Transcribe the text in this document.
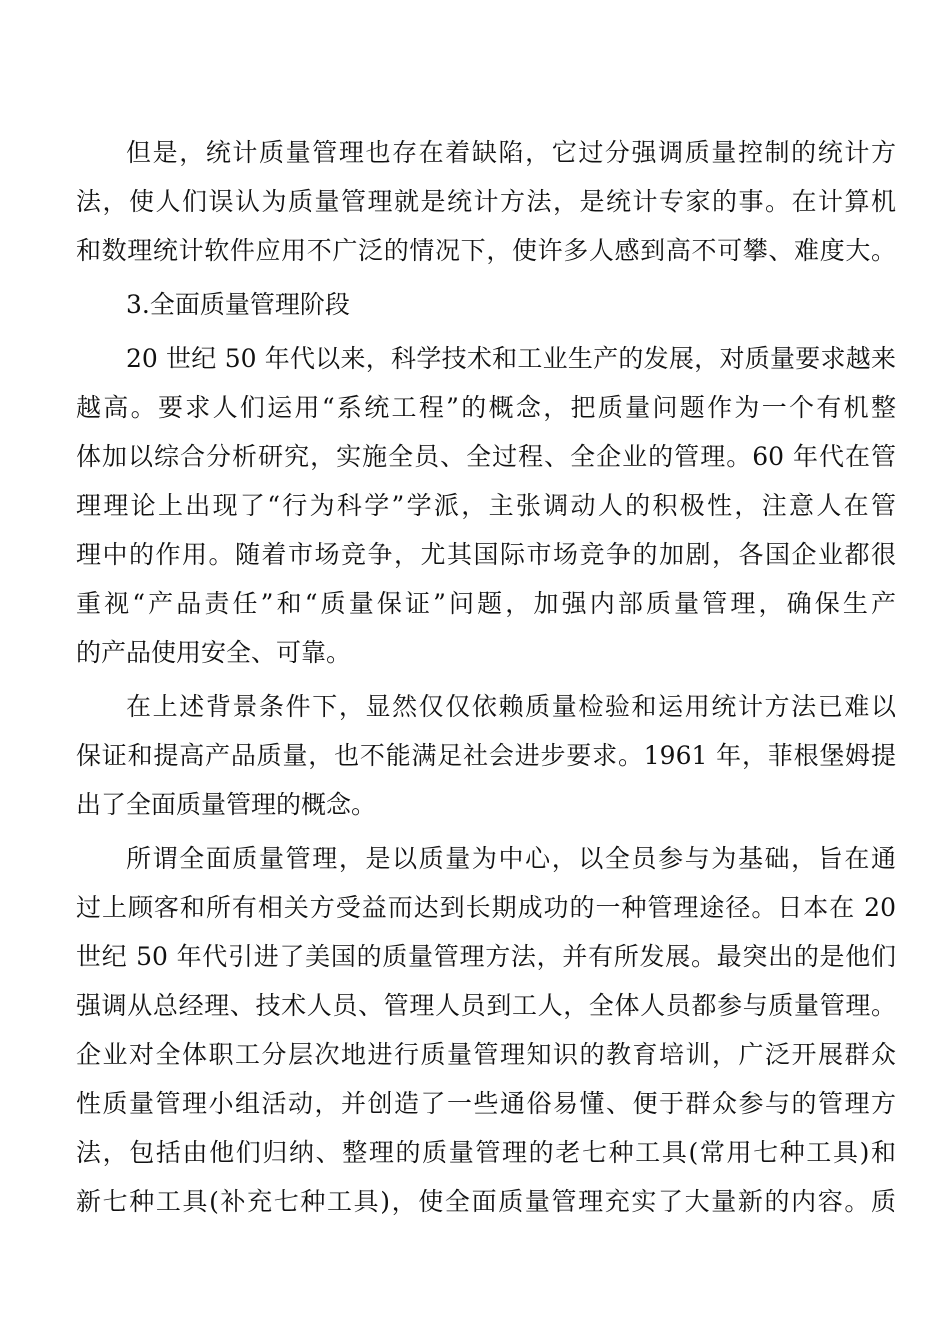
但是，统计质量管理也存在着缺陷，它过分强调质量控制的统计方
法，使人们误认为质量管理就是统计方法，是统计专家的事。在计算机
和数理统计软件应用不广泛的情况下，使许多人感到高不可攀、难度大。
3.全面质量管理阶段
20 世纪 50 年代以来，科学技术和工业生产的发展，对质量要求越来
越高。要求人们运用“系统工程”的概念，把质量问题作为一个有机整
体加以综合分析研究，实施全员、全过程、全企业的管理。60 年代在管
理理论上出现了“行为科学”学派，主张调动人的积极性，注意人在管
理中的作用。随着市场竞争，尤其国际市场竞争的加剧，各国企业都很
重视“产品责任”和“质量保证”问题，加强内部质量管理，确保生产
的产品使用安全、可靠。
在上述背景条件下，显然仅仅依赖质量检验和运用统计方法已难以
保证和提高产品质量，也不能满足社会进步要求。1961 年，菲根堡姆提
出了全面质量管理的概念。
所谓全面质量管理，是以质量为中心，以全员参与为基础，旨在通
过上顾客和所有相关方受益而达到长期成功的一种管理途径。日本在 20
世纪 50 年代引进了美国的质量管理方法，并有所发展。最突出的是他们
强调从总经理、技术人员、管理人员到工人，全体人员都参与质量管理。
企业对全体职工分层次地进行质量管理知识的教育培训，广泛开展群众
性质量管理小组活动，并创造了一些通俗易懂、便于群众参与的管理方
法，包括由他们归纳、整理的质量管理的老七种工具(常用七种工具)和
新七种工具(补充七种工具)，使全面质量管理充实了大量新的内容。质
